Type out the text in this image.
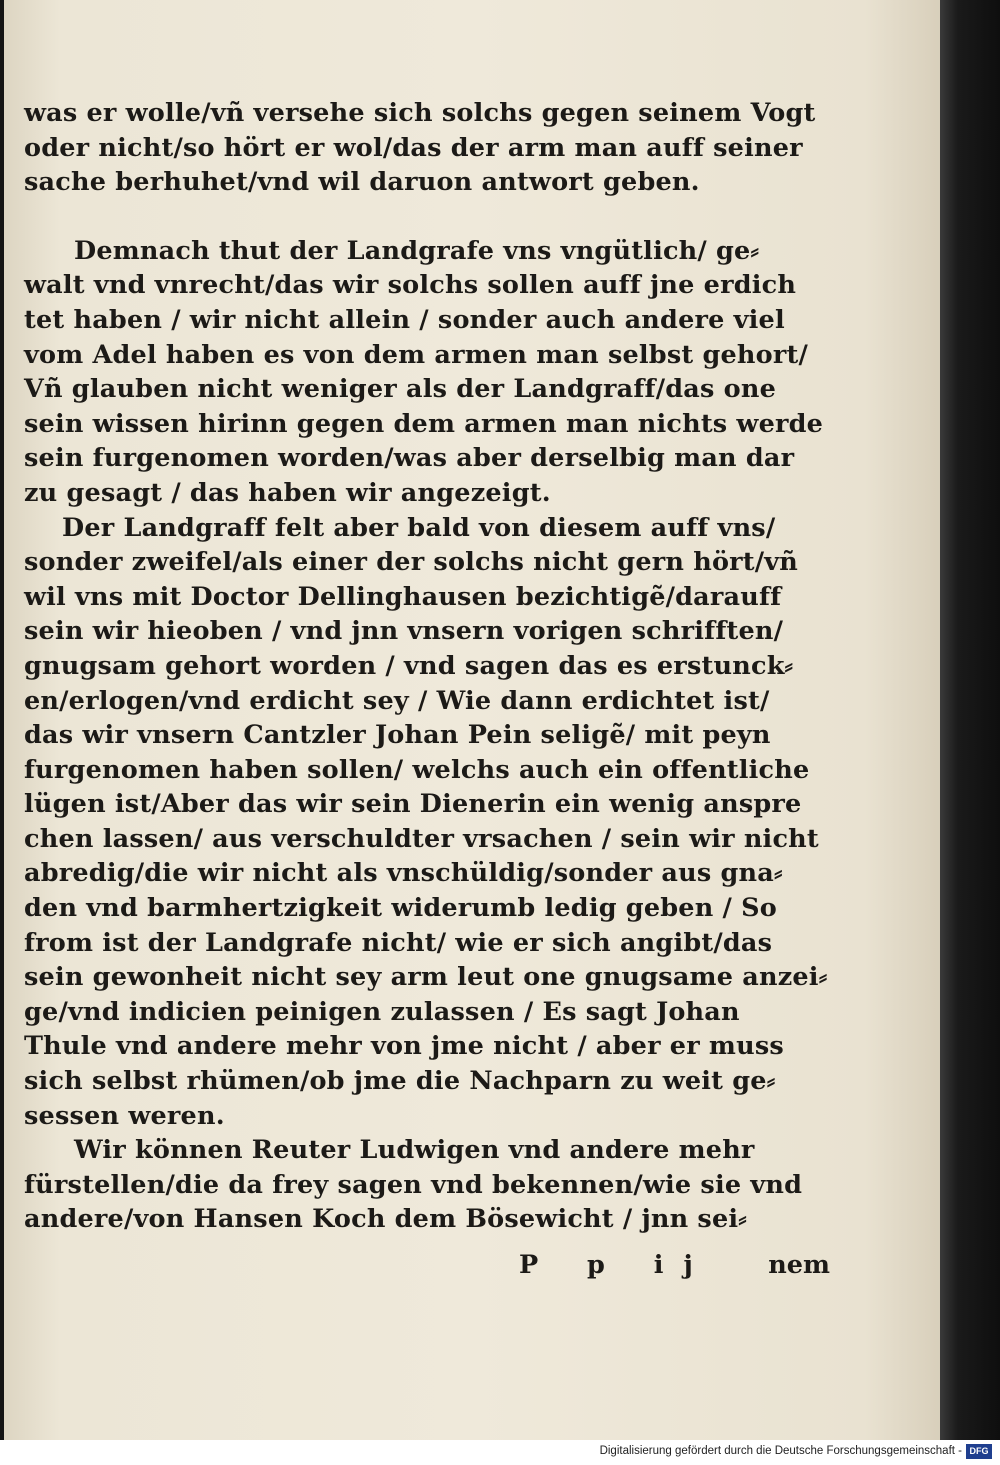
was er wolle/vñ versehe sich solchs gegen seinem Vogt
oder nicht/so hört er wol/das der arm man auff seiner
sache berhuhet/vnd wil daruon antwort geben.
Demnach thut der Landgrafe vns vngütlich/ ge⸗
walt vnd vnrecht/das wir solchs sollen auff jne erdich
tet haben / wir nicht allein / sonder auch andere viel
vom Adel haben es von dem armen man selbst gehort/
Vñ glauben nicht weniger als der Landgraff/das one
sein wissen hirinn gegen dem armen man nichts werde
sein furgenomen worden/was aber derselbig man dar
zu gesagt / das haben wir angezeigt.
Der Landgraff felt aber bald von diesem auff vns/
sonder zweifel/als einer der solchs nicht gern hört/vñ
wil vns mit Doctor Dellinghausen bezichtigẽ/darauff
sein wir hieoben / vnd jnn vnsern vorigen schrifften/
gnugsam gehort worden / vnd sagen das es erstunck⸗
en/erlogen/vnd erdicht sey / Wie dann erdichtet ist/
das wir vnsern Cantzler Johan Pein seligẽ/ mit peyn
furgenomen haben sollen/ welchs auch ein offentliche
lügen ist/Aber das wir sein Dienerin ein wenig anspre
chen lassen/ aus verschuldter vrsachen / sein wir nicht
abredig/die wir nicht als vnschüldig/sonder aus gna⸗
den vnd barmhertzigkeit widerumb ledig geben / So
from ist der Landgrafe nicht/ wie er sich angibt/das
sein gewonheit nicht sey arm leut one gnugsame anzei⸗
ge/vnd indicien peinigen zulassen / Es sagt Johan
Thule vnd andere mehr von jme nicht / aber er muss
sich selbst rhümen/ob jme die Nachparn zu weit ge⸗
sessen weren.
Wir können Reuter Ludwigen vnd andere mehr
fürstellen/die da frey sagen vnd bekennen/wie sie vnd
andere/von Hansen Koch dem Bösewicht / jnn sei⸗
P p ij nem
Digitalisierung gefördert durch die Deutsche Forschungsgemeinschaft - DFG
